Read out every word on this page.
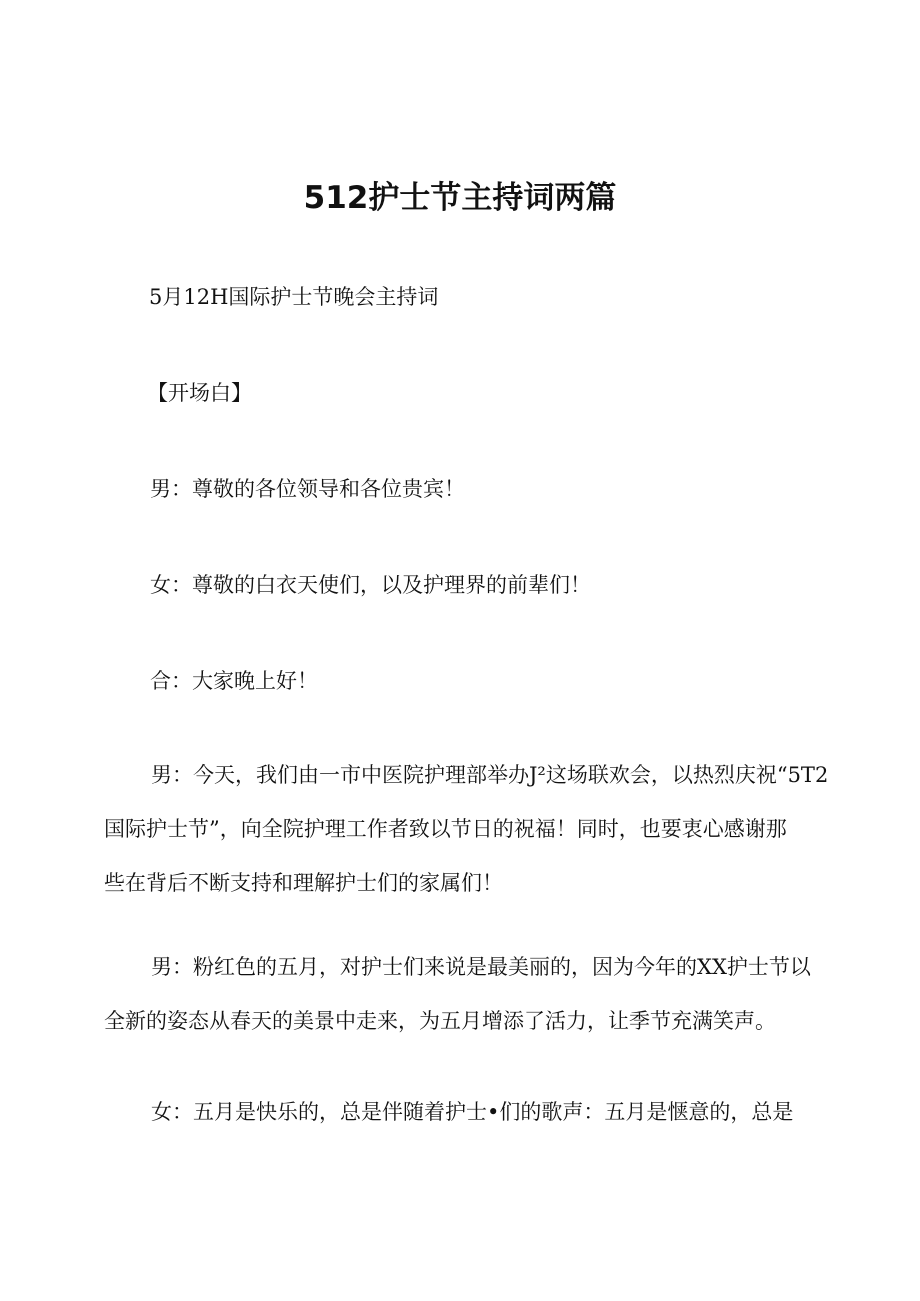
512护士节主持词两篇

5月12H国际护士节晚会主持词

【开场白】

男：尊敬的各位领导和各位贵宾！

女：尊敬的白衣天使们，以及护理界的前辈们！

合：大家晚上好！

男：今天，我们由一市中医院护理部举办J²这场联欢会，以热烈庆祝“5T2
国际护士节”，向全院护理工作者致以节日的祝福！同时，也要衷心感谢那
些在背后不断支持和理解护士们的家属们！
男：粉红色的五月，对护士们来说是最美丽的，因为今年的XX护士节以
全新的姿态从春天的美景中走来，为五月增添了活力，让季节充满笑声。
女：五月是快乐的，总是伴随着护士•们的歌声：五月是惬意的，总是
